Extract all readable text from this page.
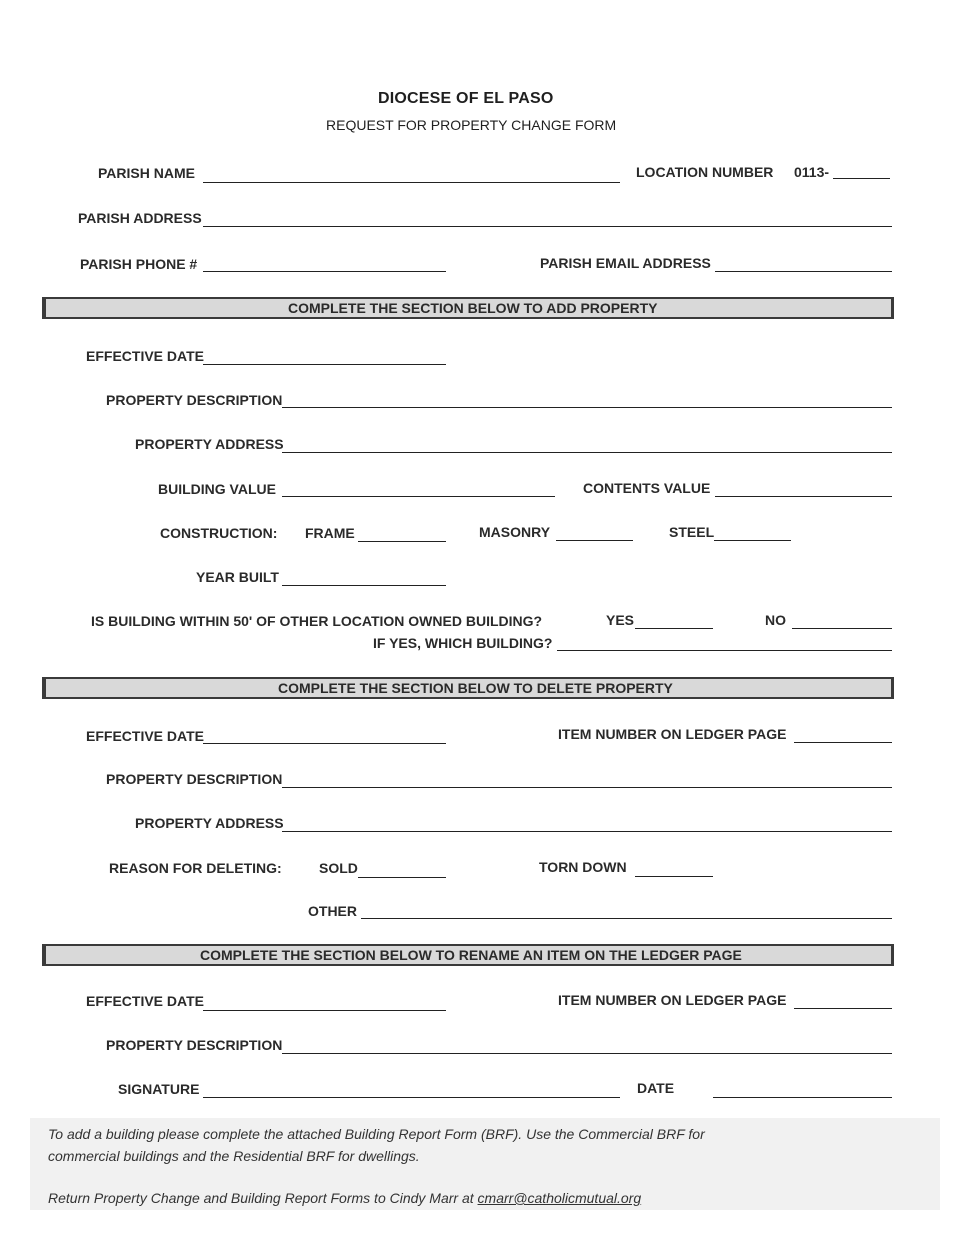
DIOCESE OF EL PASO
REQUEST FOR PROPERTY CHANGE FORM
PARISH NAME	LOCATION NUMBER 0113-
PARISH ADDRESS
PARISH PHONE #	PARISH EMAIL ADDRESS
COMPLETE THE SECTION BELOW TO ADD PROPERTY
EFFECTIVE DATE
PROPERTY DESCRIPTION
PROPERTY ADDRESS
BUILDING VALUE	CONTENTS VALUE
CONSTRUCTION: FRAME	MASONRY	STEEL
YEAR BUILT
IS BUILDING WITHIN 50' OF OTHER LOCATION OWNED BUILDING?	YES	NO
IF YES, WHICH BUILDING?
COMPLETE THE SECTION BELOW TO DELETE PROPERTY
EFFECTIVE DATE	ITEM NUMBER ON LEDGER PAGE
PROPERTY DESCRIPTION
PROPERTY ADDRESS
REASON FOR DELETING:	SOLD	TORN DOWN
OTHER
COMPLETE THE SECTION BELOW TO RENAME AN ITEM ON THE LEDGER PAGE
EFFECTIVE DATE	ITEM NUMBER ON LEDGER PAGE
PROPERTY DESCRIPTION
SIGNATURE	DATE
To add a building please complete the attached Building Report Form (BRF). Use the Commercial BRF for
commercial buildings and the Residential BRF for dwellings.
Return Property Change and Building Report Forms to Cindy Marr at cmarr@catholicmutual.org
